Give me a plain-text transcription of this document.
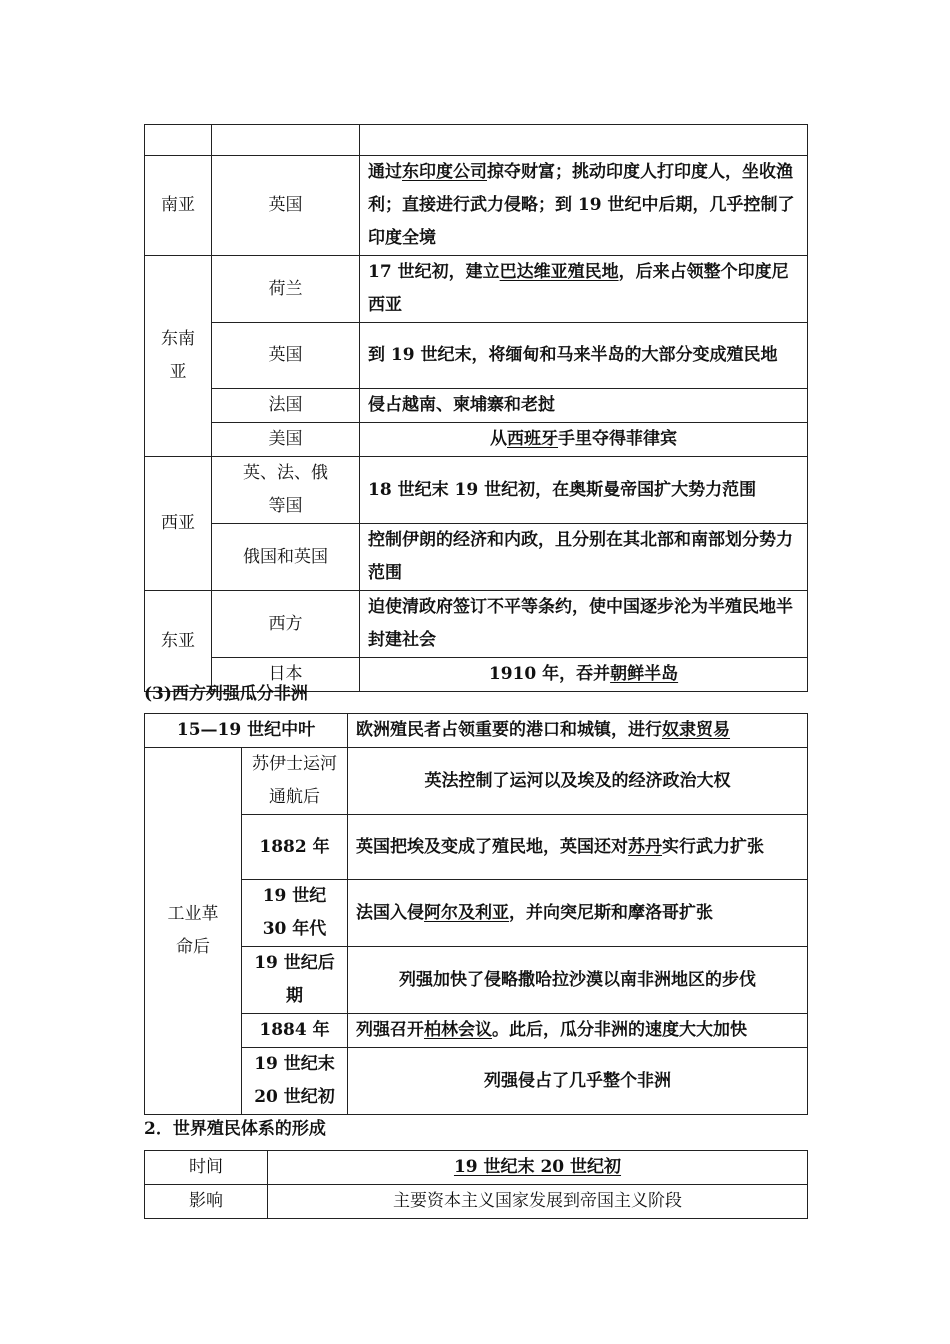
南亚	英国	通过东印度公司掠夺财富；挑动印度人打印度人，坐收渔利；直接进行武力侵略；到 19 世纪中后期，几乎控制了印度全境
东南亚	荷兰	17 世纪初，建立巴达维亚殖民地，后来占领整个印度尼西亚
	英国	到 19 世纪末，将缅甸和马来半岛的大部分变成殖民地
	法国	侵占越南、柬埔寨和老挝
	美国	从西班牙手里夺得菲律宾
西亚	英、法、俄等国	18 世纪末 19 世纪初，在奥斯曼帝国扩大势力范围
	俄国和英国	控制伊朗的经济和内政，且分别在其北部和南部划分势力范围
东亚	西方	迫使清政府签订不平等条约，使中国逐步沦为半殖民地半封建社会
	日本	1910 年，吞并朝鲜半岛
(3)西方列强瓜分非洲
15—19 世纪中叶		欧洲殖民者占领重要的港口和城镇，进行奴隶贸易
工业革命后	苏伊士运河通航后	英法控制了运河以及埃及的经济政治大权
	1882 年	英国把埃及变成了殖民地，英国还对苏丹实行武力扩张
	19 世纪 30 年代	法国入侵阿尔及利亚，并向突尼斯和摩洛哥扩张
	19 世纪后期	列强加快了侵略撒哈拉沙漠以南非洲地区的步伐
	1884 年	列强召开柏林会议。此后，瓜分非洲的速度大大加快
	19 世纪末 20 世纪初	列强侵占了几乎整个非洲
2．世界殖民体系的形成
时间	19 世纪末 20 世纪初
影响	主要资本主义国家发展到帝国主义阶段
